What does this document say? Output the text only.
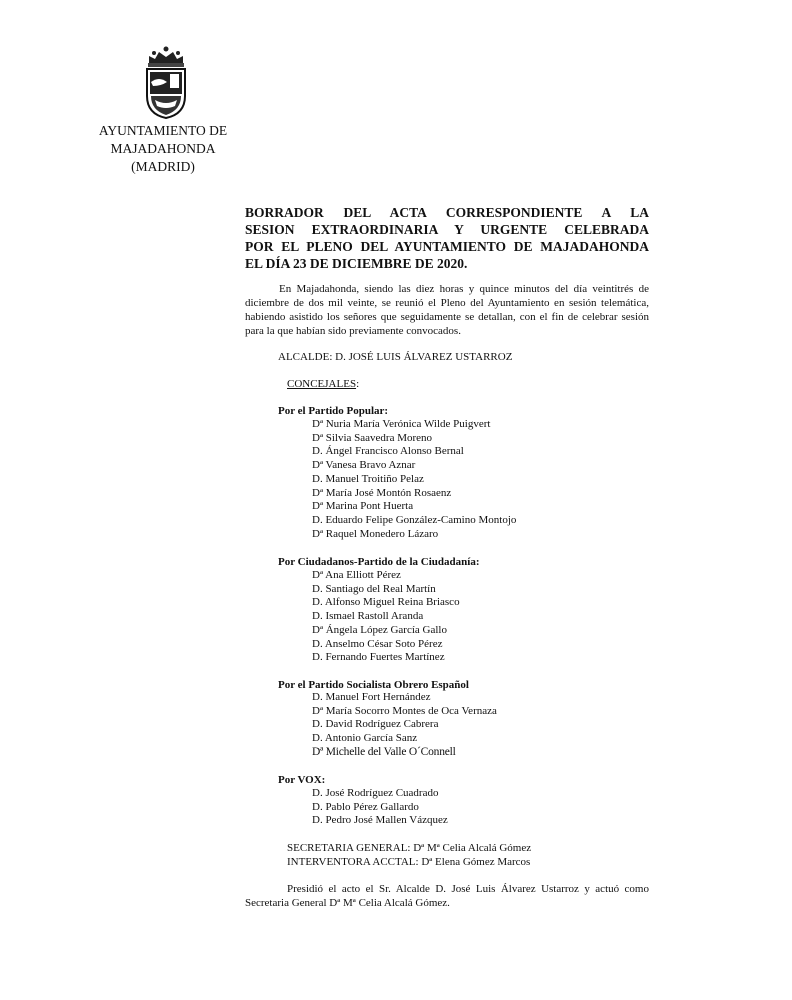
AYUNTAMIENTO DE
MAJADAHONDA
(MADRID)
BORRADOR DEL ACTA CORRESPONDIENTE A LA
SESION EXTRAORDINARIA Y URGENTE CELEBRADA
POR EL PLENO DEL AYUNTAMIENTO DE MAJADAHONDA
EL DÍA 23 DE DICIEMBRE DE 2020.
En Majadahonda, siendo las diez horas y quince minutos del día veintitrés de diciembre de dos mil veinte, se reunió el Pleno del Ayuntamiento en sesión telemática, habiendo asistido los señores que seguidamente se detallan, con el fin de celebrar sesión para la que habían sido previamente convocados.
ALCALDE: D. JOSÉ LUIS ÁLVAREZ USTARROZ
CONCEJALES:
Por el Partido Popular:
Dª Nuria María Verónica Wilde Puigvert
Dª Silvia Saavedra Moreno
D. Ángel Francisco Alonso Bernal
Dª Vanesa Bravo Aznar
D. Manuel Troitiño Pelaz
Dª María José Montón Rosaenz
Dª Marina Pont Huerta
D. Eduardo Felipe González-Camino Montojo
Dª Raquel Monedero Lázaro
Por Ciudadanos-Partido de la Ciudadanía:
Dª Ana Elliott Pérez
D. Santiago del Real Martín
D. Alfonso Miguel Reina Briasco
D. Ismael Rastoll Aranda
Dª Ángela López García Gallo
D. Anselmo César Soto Pérez
D. Fernando Fuertes Martínez
Por el Partido Socialista Obrero Español
D. Manuel Fort Hernández
Dª María Socorro Montes de Oca Vernaza
D. David Rodríguez Cabrera
D. Antonio García Sanz
Dª Michelle del Valle O´Connell
Por VOX:
D. José Rodríguez Cuadrado
D. Pablo Pérez Gallardo
D. Pedro José Mallen Vázquez
SECRETARIA GENERAL: Dª Mª Celia Alcalá Gómez
INTERVENTORA ACCTAL: Dª Elena Gómez Marcos
Presidió el acto el Sr. Alcalde D. José Luis Álvarez Ustarroz y actuó como Secretaria General Dª Mª Celia Alcalá Gómez.
